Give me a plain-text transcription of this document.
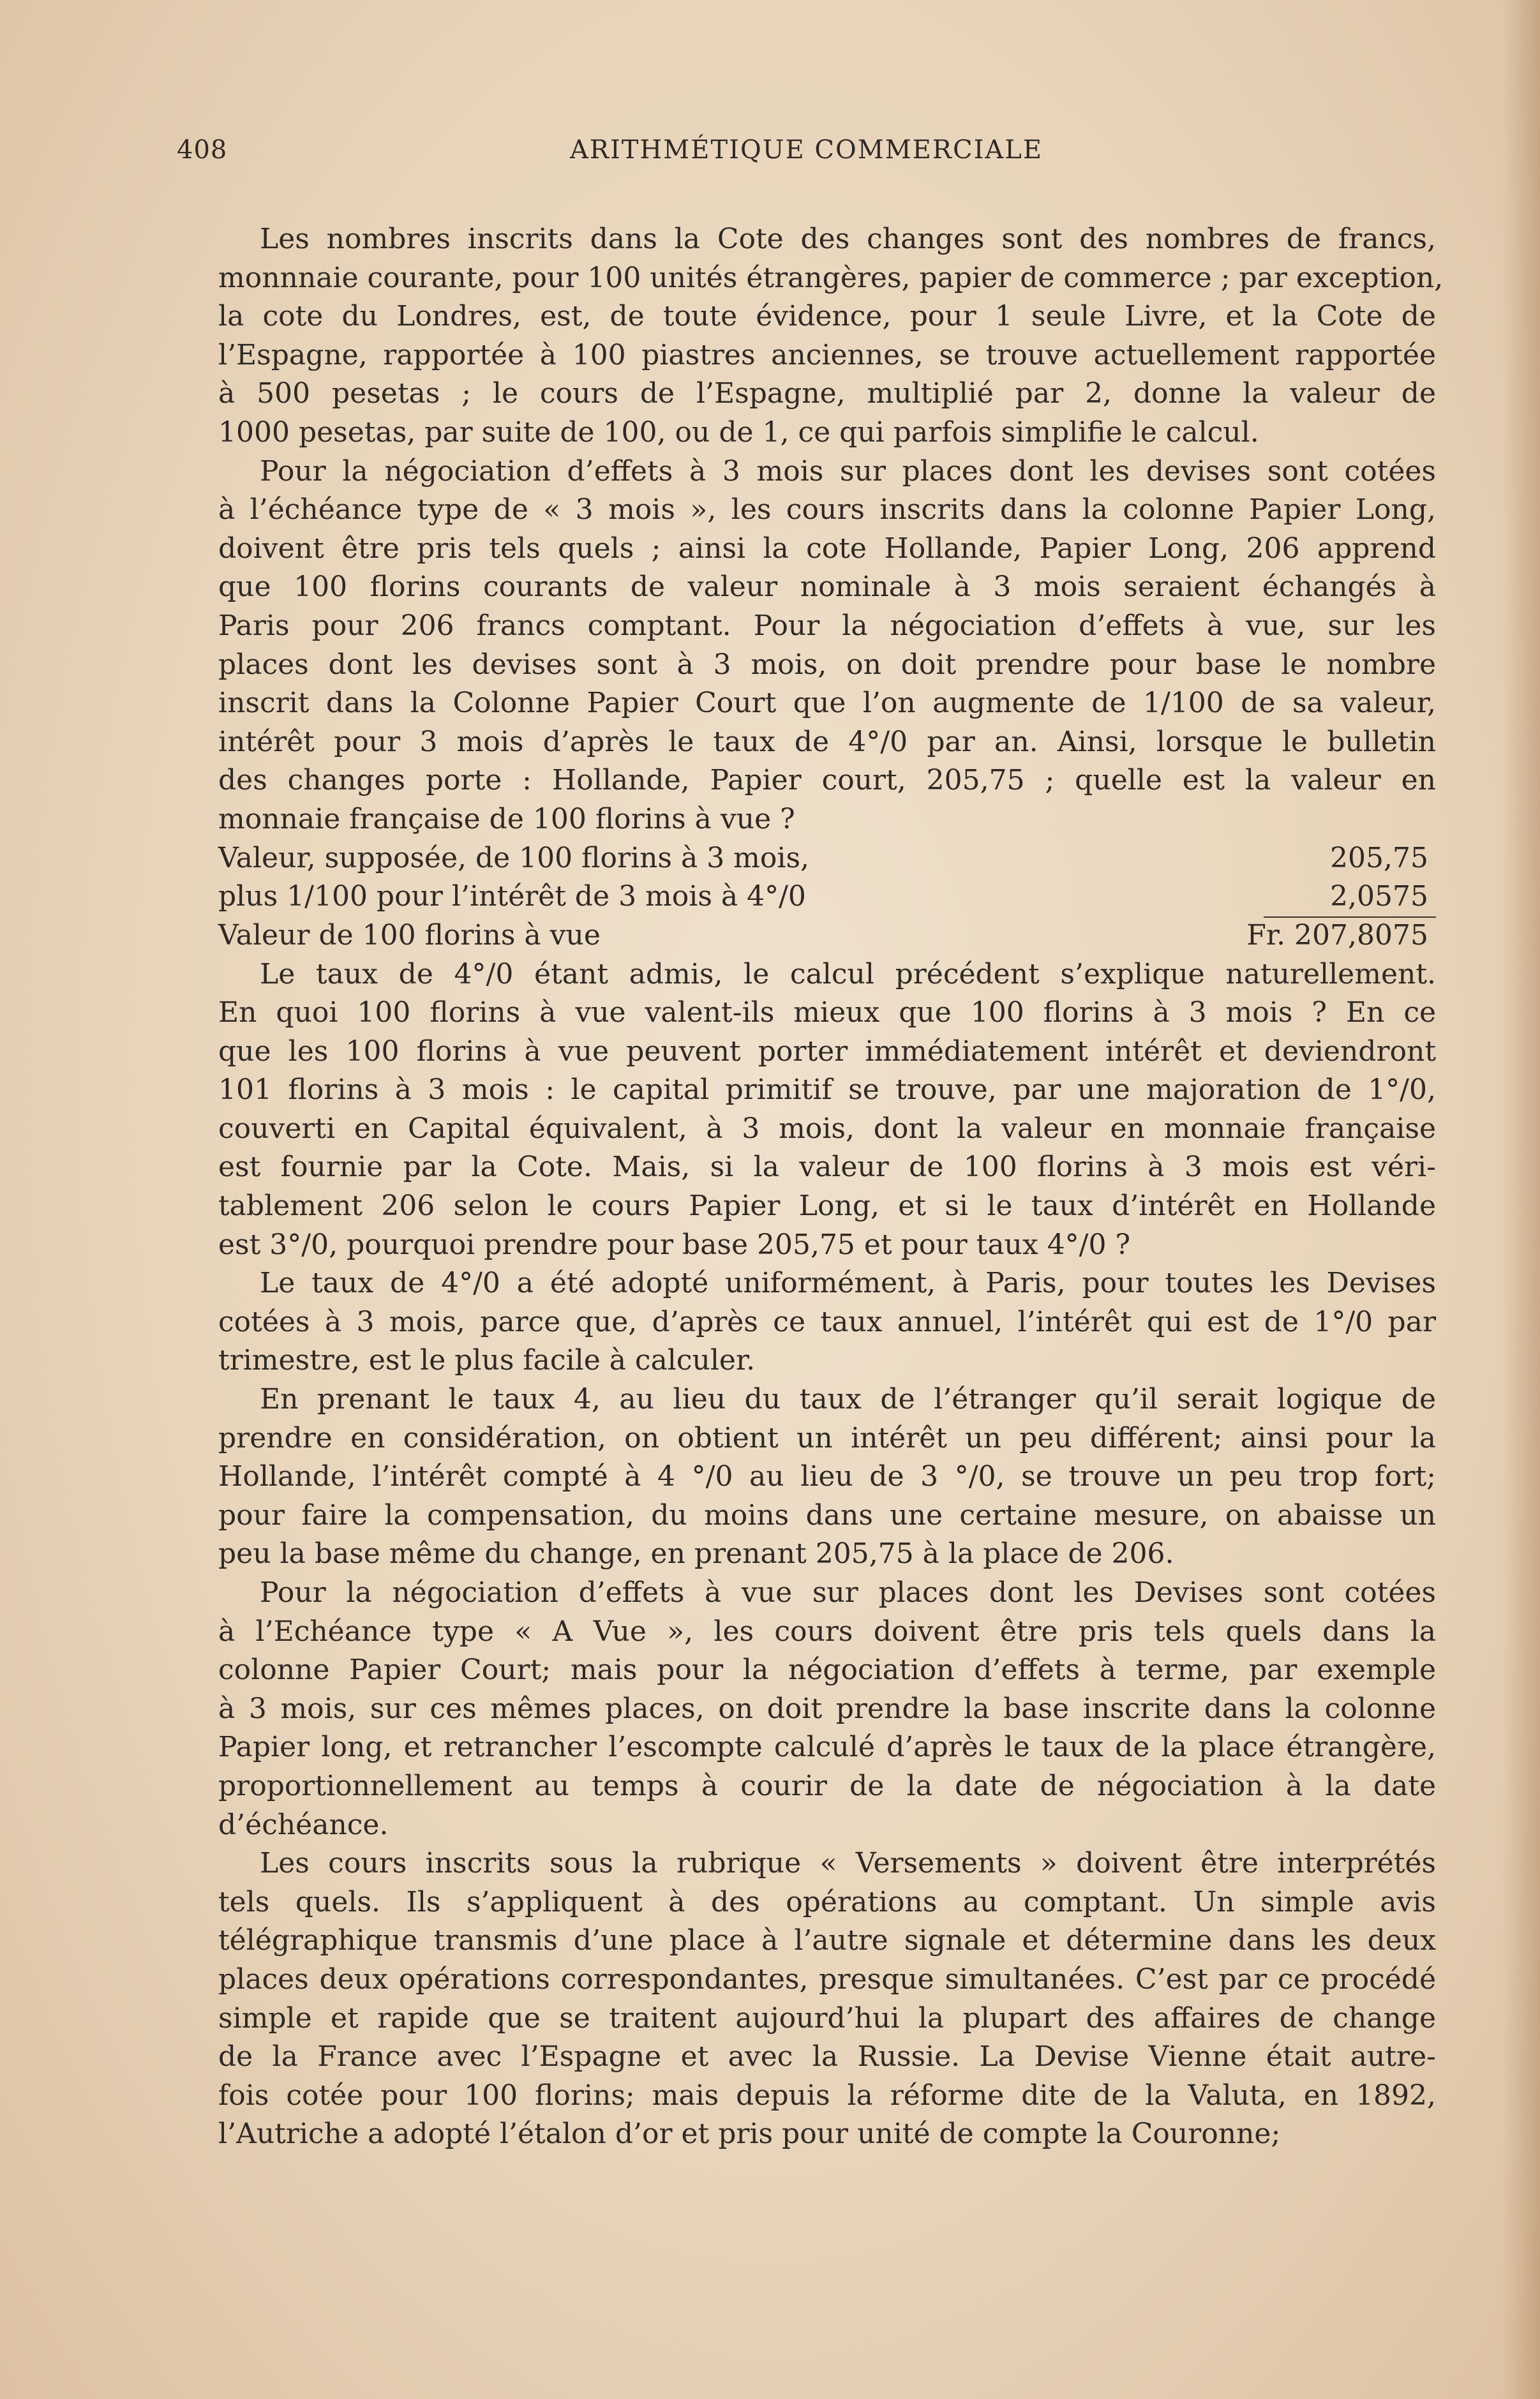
408	ARITHMÉTIQUE COMMERCIALE
Les nombres inscrits dans la Cote des changes sont des nombres de francs,
monnnaie courante, pour 100 unités étrangères, papier de commerce ; par exception,
la cote du Londres, est, de toute évidence, pour 1 seule Livre, et la Cote de
l’Espagne, rapportée à 100 piastres anciennes, se trouve actuellement rapportée
à 500 pesetas ; le cours de l’Espagne, multiplié par 2, donne la valeur de
1000 pesetas, par suite de 100, ou de 1, ce qui parfois simplifie le calcul.
Pour la négociation d’effets à 3 mois sur places dont les devises sont cotées
à l’échéance type de « 3 mois », les cours inscrits dans la colonne Papier Long,
doivent être pris tels quels ; ainsi la cote Hollande, Papier Long, 206 apprend
que 100 florins courants de valeur nominale à 3 mois seraient échangés à
Paris pour 206 francs comptant. Pour la négociation d’effets à vue, sur les
places dont les devises sont à 3 mois, on doit prendre pour base le nombre
inscrit dans la Colonne Papier Court que l’on augmente de 1/100 de sa valeur,
intérêt pour 3 mois d’après le taux de 4°/0 par an. Ainsi, lorsque le bulletin
des changes porte : Hollande, Papier court, 205,75 ; quelle est la valeur en
monnaie française de 100 florins à vue ?
Valeur, supposée, de 100 florins à 3 mois,	205,75
plus 1/100 pour l’intérêt de 3 mois à 4°/0	2,0575
Valeur de 100 florins à vue	Fr. 207,8075
Le taux de 4°/0 étant admis, le calcul précédent s’explique naturellement.
En quoi 100 florins à vue valent-ils mieux que 100 florins à 3 mois ? En ce
que les 100 florins à vue peuvent porter immédiatement intérêt et deviendront
101 florins à 3 mois : le capital primitif se trouve, par une majoration de 1°/0,
couverti en Capital équivalent, à 3 mois, dont la valeur en monnaie française
est fournie par la Cote. Mais, si la valeur de 100 florins à 3 mois est véri-
tablement 206 selon le cours Papier Long, et si le taux d’intérêt en Hollande
est 3°/0, pourquoi prendre pour base 205,75 et pour taux 4°/0 ?
Le taux de 4°/0 a été adopté uniformément, à Paris, pour toutes les Devises
cotées à 3 mois, parce que, d’après ce taux annuel, l’intérêt qui est de 1°/0 par
trimestre, est le plus facile à calculer.
En prenant le taux 4, au lieu du taux de l’étranger qu’il serait logique de
prendre en considération, on obtient un intérêt un peu différent; ainsi pour la
Hollande, l’intérêt compté à 4 °/0 au lieu de 3 °/0, se trouve un peu trop fort;
pour faire la compensation, du moins dans une certaine mesure, on abaisse un
peu la base même du change, en prenant 205,75 à la place de 206.
Pour la négociation d’effets à vue sur places dont les Devises sont cotées
à l’Echéance type « A Vue », les cours doivent être pris tels quels dans la
colonne Papier Court; mais pour la négociation d’effets à terme, par exemple
à 3 mois, sur ces mêmes places, on doit prendre la base inscrite dans la colonne
Papier long, et retrancher l’escompte calculé d’après le taux de la place étrangère,
proportionnellement au temps à courir de la date de négociation à la date
d’échéance.
Les cours inscrits sous la rubrique « Versements » doivent être interprétés
tels quels. Ils s’appliquent à des opérations au comptant. Un simple avis
télégraphique transmis d’une place à l’autre signale et détermine dans les deux
places deux opérations correspondantes, presque simultanées. C’est par ce procédé
simple et rapide que se traitent aujourd’hui la plupart des affaires de change
de la France avec l’Espagne et avec la Russie. La Devise Vienne était autre-
fois cotée pour 100 florins; mais depuis la réforme dite de la Valuta, en 1892,
l’Autriche a adopté l’étalon d’or et pris pour unité de compte la Couronne;
